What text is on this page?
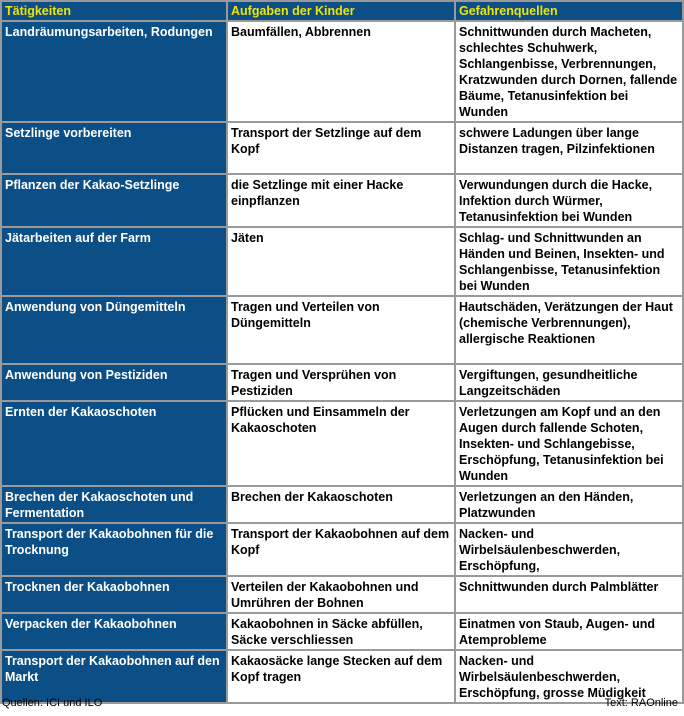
Tätigkeiten	Aufgaben der Kinder	Gefahrenquellen
Landräumungsarbeiten, Rodungen	Baumfällen, Abbrennen	Schnittwunden durch Macheten, schlechtes Schuhwerk, Schlangenbisse, Verbrennungen, Kratzwunden durch Dornen, fallende Bäume, Tetanusinfektion bei Wunden
Setzlinge vorbereiten	Transport der Setzlinge auf dem Kopf	schwere Ladungen über lange Distanzen tragen, Pilzinfektionen
Pflanzen der Kakao-Setzlinge	die Setzlinge mit einer Hacke einpflanzen	Verwundungen durch die Hacke, Infektion durch Würmer, Tetanusinfektion bei Wunden
Jätarbeiten auf der Farm	Jäten	Schlag- und Schnittwunden an Händen und Beinen, Insekten- und Schlangenbisse, Tetanusinfektion bei Wunden
Anwendung von Düngemitteln	Tragen und Verteilen von Düngemitteln	Hautschäden, Verätzungen der Haut (chemische Verbrennungen), allergische Reaktionen
Anwendung von Pestiziden	Tragen und Versprühen von Pestiziden	Vergiftungen, gesundheitliche Langzeitschäden
Ernten der Kakaoschoten	Pflücken und Einsammeln der Kakaoschoten	Verletzungen am Kopf und an den Augen durch fallende Schoten, Insekten- und Schlangebisse, Erschöpfung, Tetanusinfektion bei Wunden
Brechen der Kakaoschoten und Fermentation	Brechen der Kakaoschoten	Verletzungen an den Händen, Platzwunden
Transport der Kakaobohnen für die Trocknung	Transport der Kakaobohnen auf dem Kopf	Nacken- und Wirbelsäulenbeschwerden, Erschöpfung,
Trocknen der Kakaobohnen	Verteilen der Kakaobohnen und Umrühren der Bohnen	Schnittwunden durch Palmblätter
Verpacken der Kakaobohnen	Kakaobohnen in Säcke abfüllen, Säcke verschliessen	Einatmen von Staub, Augen- und Atemprobleme
Transport der Kakaobohnen auf den Markt	Kakaosäcke lange Stecken auf dem Kopf tragen	Nacken- und Wirbelsäulenbeschwerden, Erschöpfung, grosse Müdigkeit
Quellen: ICI und ILO	Text: RAOnline
